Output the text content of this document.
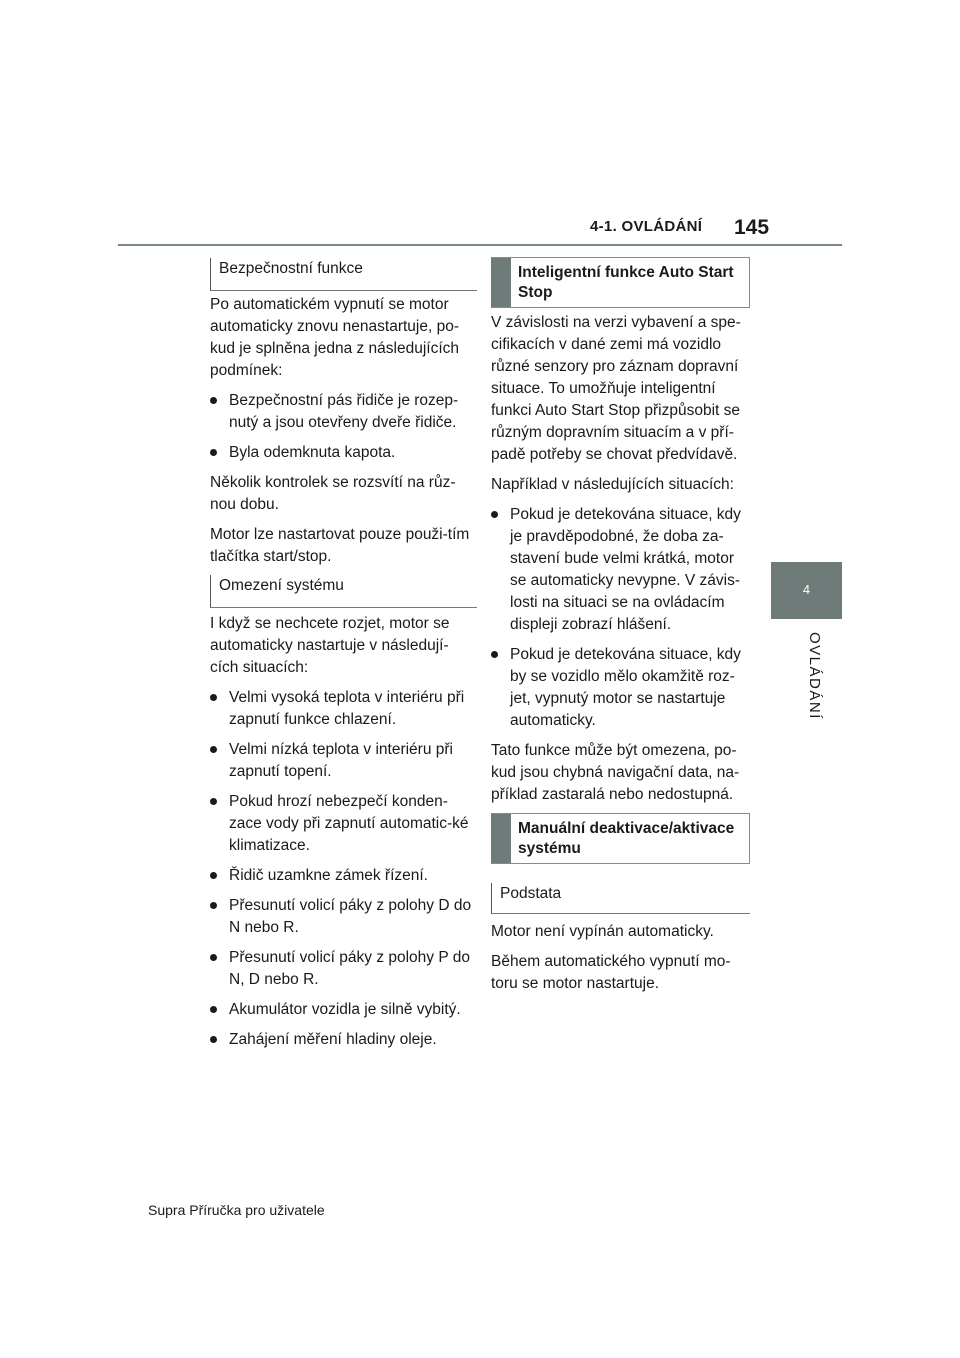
4-1. OVLÁDÁNÍ 145
4
OVLÁDÁNÍ
Bezpečnostní funkce

Po automatickém vypnutí se motor automaticky znovu nenastartuje, po-kud je splněna jedna z následujících podmínek:

Bezpečnostní pás řidiče je rozep-nutý a jsou otevřeny dveře řidiče.

Byla odemknuta kapota.

Několik kontrolek se rozsvítí na růz-nou dobu.

Motor lze nastartovat pouze použi-tím tlačítka start/stop.

Omezení systému

I když se nechcete rozjet, motor se automaticky nastartuje v následují-cích situacích:

Velmi vysoká teplota v interiéru při zapnutí funkce chlazení.

Velmi nízká teplota v interiéru při zapnutí topení.

Pokud hrozí nebezpečí konden-zace vody při zapnutí automatic-ké klimatizace.

Řidič uzamkne zámek řízení.

Přesunutí volicí páky z polohy D do N nebo R.

Přesunutí volicí páky z polohy P do N, D nebo R.

Akumulátor vozidla je silně vybitý.

Zahájení měření hladiny oleje.

Inteligentní funkce Auto Start Stop

V závislosti na verzi vybavení a spe-cifikacích v dané zemi má vozidlo různé senzory pro záznam dopravní situace. To umožňuje inteligentní funkci Auto Start Stop přizpůsobit se různým dopravním situacím a v pří-padě potřeby se chovat předvídavě.

Například v následujících situacích:

Pokud je detekována situace, kdy je pravděpodobné, že doba za-stavení bude velmi krátká, motor se automaticky nevypne. V závis-losti na situaci se na ovládacím displeji zobrazí hlášení.

Pokud je detekována situace, kdy by se vozidlo mělo okamžitě roz-jet, vypnutý motor se nastartuje automaticky.

Tato funkce může být omezena, po-kud jsou chybná navigační data, na-příklad zastaralá nebo nedostupná.

Manuální deaktivace/aktivace systému
Podstata

Motor není vypínán automaticky.

Během automatického vypnutí mo-toru se motor nastartuje.

Supra Příručka pro uživatele
